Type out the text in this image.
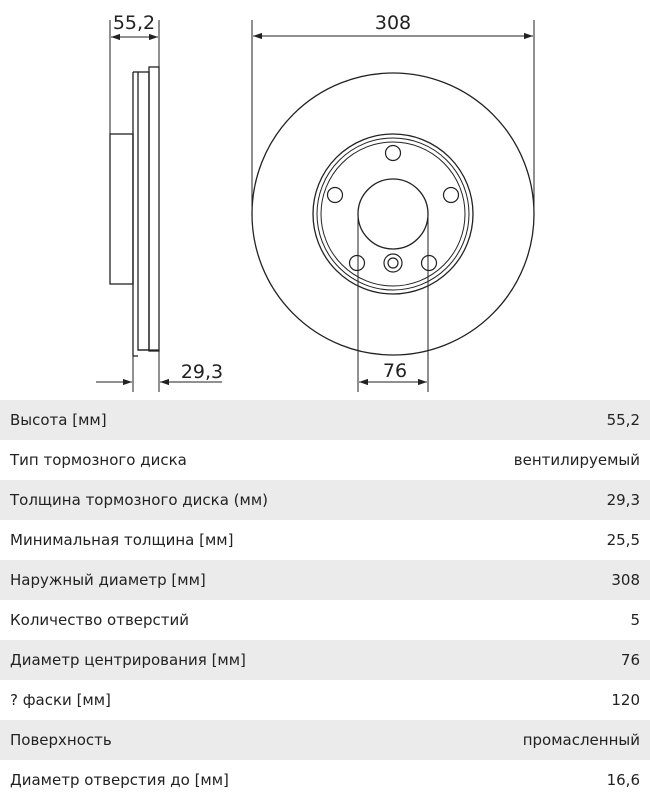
55,2
29,3
308
76
Высота [мм]	55,2
Тип тормозного диска	вентилируемый
Толщина тормозного диска (мм)	29,3
Минимальная толщина [мм]	25,5
Наружный диаметр [мм]	308
Количество отверстий	5
Диаметр центрирования [мм]	76
? фаски [мм]	120
Поверхность	промасленный
Диаметр отверстия до [мм]	16,6
